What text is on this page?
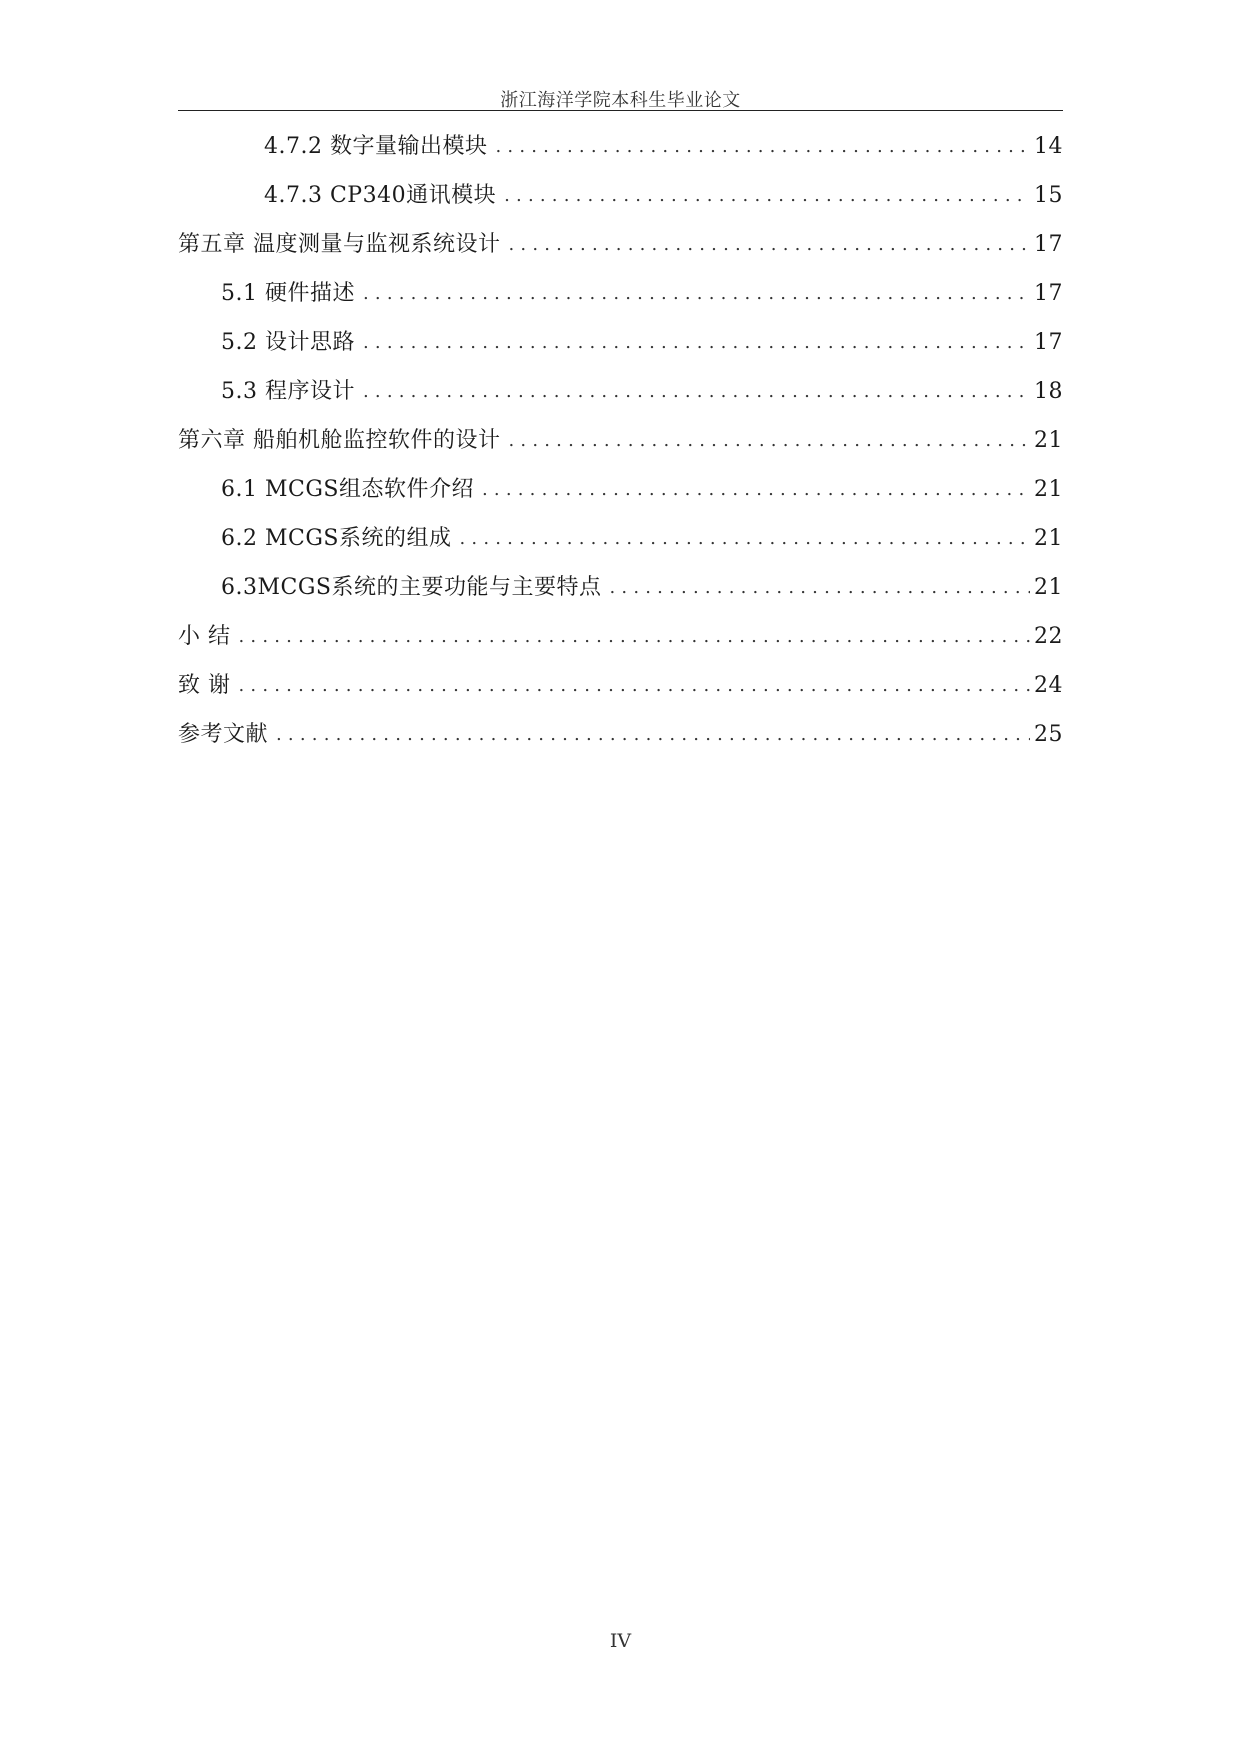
浙江海洋学院本科生毕业论文
4.7.2 数字量输出模块 .....	14
4.7.3 CP340通讯模块 .....	15
第五章 温度测量与监视系统设计 .....	17
5.1 硬件描述 .....	17
5.2 设计思路 .....	17
5.3 程序设计 .....	18
第六章 船舶机舱监控软件的设计 .....	21
6.1 MCGS组态软件介绍 .....	21
6.2 MCGS系统的组成 .....	21
6.3MCGS系统的主要功能与主要特点 .....	21
小 结 .....	22
致 谢 .....	24
参考文献 .....	25
IV
